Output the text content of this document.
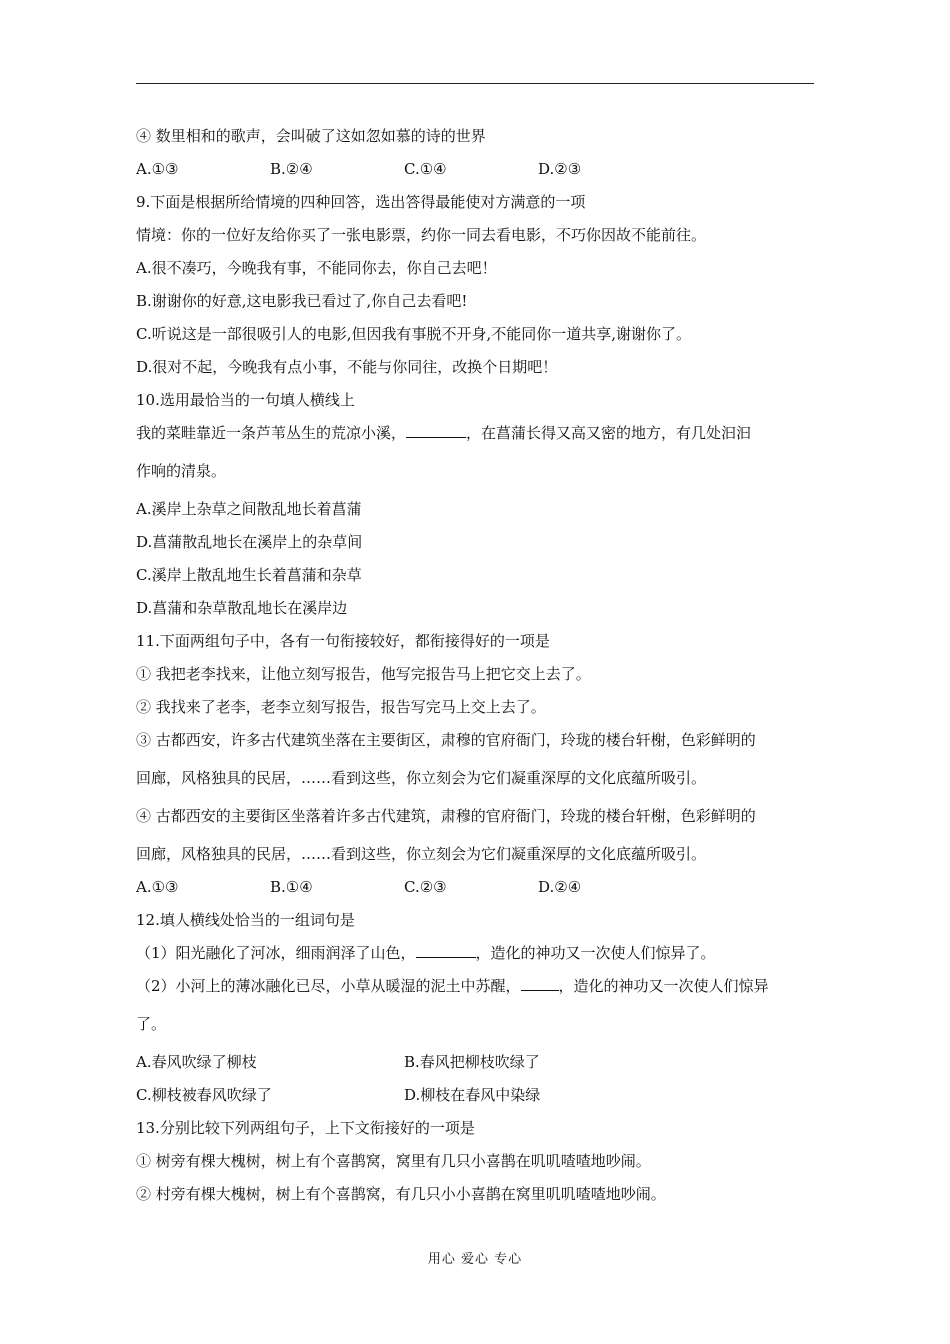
④ 数里相和的歌声，会叫破了这如忽如慕的诗的世界

A.①③	B.②④	C.①④	D.②③

9.下面是根据所给情境的四种回答，选出答得最能使对方满意的一项

情境：你的一位好友给你买了一张电影票，约你一同去看电影，不巧你因故不能前往。

A.很不凑巧，今晚我有事，不能同你去，你自己去吧！

B.谢谢你的好意,这电影我已看过了,你自己去看吧!

C.听说这是一部很吸引人的电影,但因我有事脱不开身,不能同你一道共享,谢谢你了。

D.很对不起，今晚我有点小事，不能与你同往，改换个日期吧！

10.选用最恰当的一句填人横线上

我的菜畦靠近一条芦苇丛生的荒凉小溪，	，在菖蒲长得又高又密的地方，有几处汩汩

作响的清泉。

A.溪岸上杂草之间散乱地长着菖蒲

D.菖蒲散乱地长在溪岸上的杂草间

C.溪岸上散乱地生长着菖蒲和杂草

D.菖蒲和杂草散乱地长在溪岸边

11.下面两组句子中，各有一句衔接较好，都衔接得好的一项是

① 我把老李找来，让他立刻写报告，他写完报告马上把它交上去了。

② 我找来了老李，老李立刻写报告，报告写完马上交上去了。

③ 古都西安，许多古代建筑坐落在主要街区，肃穆的官府衙门，玲珑的楼台轩榭，色彩鲜明的

回廊，风格独具的民居，……看到这些，你立刻会为它们凝重深厚的文化底蕴所吸引。

④ 古都西安的主要街区坐落着许多古代建筑，肃穆的官府衙门，玲珑的楼台轩榭，色彩鲜明的

回廊，风格独具的民居，……看到这些，你立刻会为它们凝重深厚的文化底蕴所吸引。

A.①③	B.①④	C.②③	D.②④

12.填人横线处恰当的一组词句是

（1）阳光融化了河冰，细雨润泽了山色，	，造化的神功又一次使人们惊异了。

（2）小河上的薄冰融化已尽，小草从暖湿的泥土中苏醒，	，造化的神功又一次使人们惊异

了。

A.春风吹绿了柳枝	B.春风把柳枝吹绿了
C.柳枝被春风吹绿了	D.柳枝在春风中染绿

13.分别比较下列两组句子，上下文衔接好的一项是

① 树旁有棵大槐树，树上有个喜鹊窝，窝里有几只小喜鹊在叽叽喳喳地吵闹。

② 村旁有棵大槐树，树上有个喜鹊窝，有几只小小喜鹊在窝里叽叽喳喳地吵闹。

用心 爱心 专心
